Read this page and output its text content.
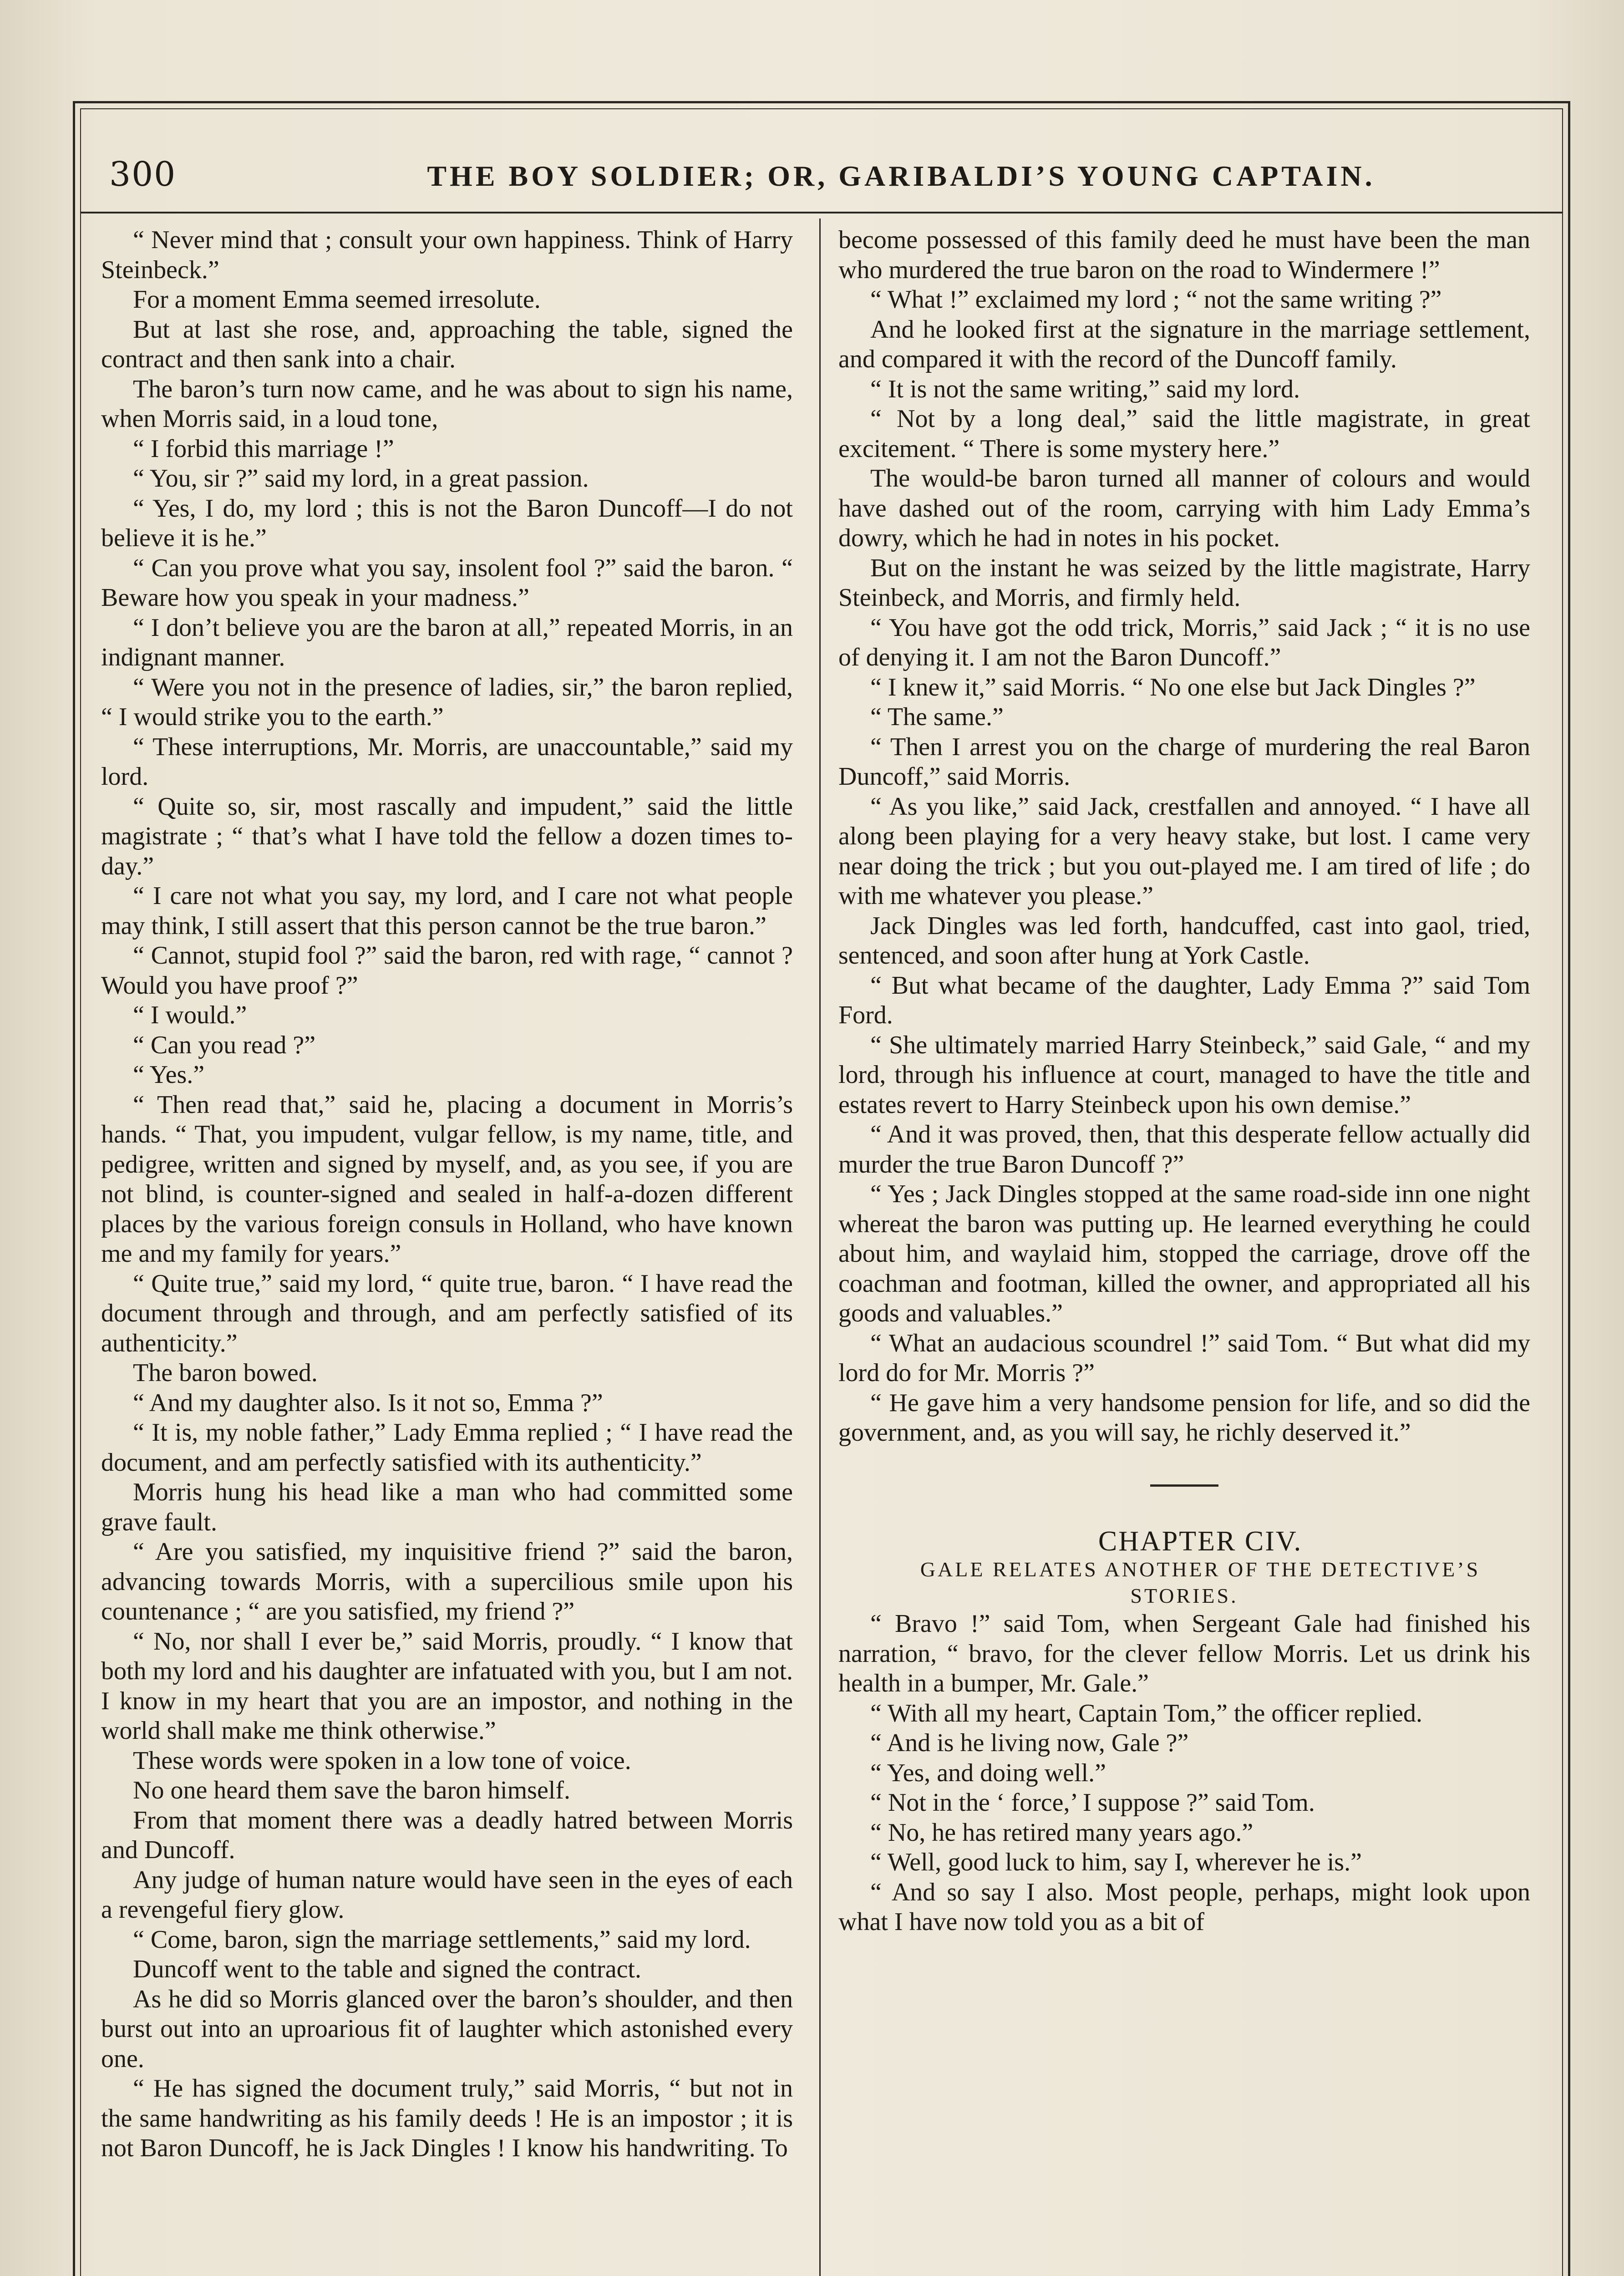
300	THE BOY SOLDIER; OR, GARIBALDI’S YOUNG CAPTAIN.

“ Never mind that ; consult your own happiness. Think of Harry Steinbeck.”

For a moment Emma seemed irresolute.

But at last she rose, and, approaching the table, signed the contract and then sank into a chair.

The baron’s turn now came, and he was about to sign his name, when Morris said, in a loud tone,

“ I forbid this marriage !”

“ You, sir ?” said my lord, in a great passion.

“ Yes, I do, my lord ; this is not the Baron Duncoff—I do not believe it is he.”

“ Can you prove what you say, insolent fool ?” said the baron. “ Beware how you speak in your madness.”

“ I don’t believe you are the baron at all,” repeated Morris, in an indignant manner.

“ Were you not in the presence of ladies, sir,” the baron replied, “ I would strike you to the earth.”

“ These interruptions, Mr. Morris, are unaccountable,” said my lord.

“ Quite so, sir, most rascally and impudent,” said the little magistrate ; “ that’s what I have told the fellow a dozen times to-day.”

“ I care not what you say, my lord, and I care not what people may think, I still assert that this person cannot be the true baron.”

“ Cannot, stupid fool ?” said the baron, red with rage, “ cannot ? Would you have proof ?”

“ I would.”

“ Can you read ?”

“ Yes.”

“ Then read that,” said he, placing a document in Morris’s hands. “ That, you impudent, vulgar fellow, is my name, title, and pedigree, written and signed by myself, and, as you see, if you are not blind, is counter-signed and sealed in half-a-dozen different places by the various foreign consuls in Holland, who have known me and my family for years.”

“ Quite true,” said my lord, “ quite true, baron. “ I have read the document through and through, and am perfectly satisfied of its authenticity.”

The baron bowed.

“ And my daughter also. Is it not so, Emma ?”

“ It is, my noble father,” Lady Emma replied ; “ I have read the document, and am perfectly satisfied with its authenticity.”

Morris hung his head like a man who had committed some grave fault.

“ Are you satisfied, my inquisitive friend ?” said the baron, advancing towards Morris, with a supercilious smile upon his countenance ; “ are you satisfied, my friend ?”

“ No, nor shall I ever be,” said Morris, proudly. “ I know that both my lord and his daughter are infatuated with you, but I am not. I know in my heart that you are an impostor, and nothing in the world shall make me think otherwise.”

These words were spoken in a low tone of voice.

No one heard them save the baron himself.

From that moment there was a deadly hatred between Morris and Duncoff.

Any judge of human nature would have seen in the eyes of each a revengeful fiery glow.

“ Come, baron, sign the marriage settlements,” said my lord.

Duncoff went to the table and signed the contract.

As he did so Morris glanced over the baron’s shoulder, and then burst out into an uproarious fit of laughter which astonished every one.

“ He has signed the document truly,” said Morris, “ but not in the same handwriting as his family deeds ! He is an impostor ; it is not Baron Duncoff, he is Jack Dingles ! I know his handwriting. To

become possessed of this family deed he must have been the man who murdered the true baron on the road to Windermere !”

“ What !” exclaimed my lord ; “ not the same writing ?”

And he looked first at the signature in the marriage settlement, and compared it with the record of the Duncoff family.

“ It is not the same writing,” said my lord.

“ Not by a long deal,” said the little magistrate, in great excitement. “ There is some mystery here.”

The would-be baron turned all manner of colours and would have dashed out of the room, carrying with him Lady Emma’s dowry, which he had in notes in his pocket.

But on the instant he was seized by the little magistrate, Harry Steinbeck, and Morris, and firmly held.

“ You have got the odd trick, Morris,” said Jack ; “ it is no use of denying it. I am not the Baron Duncoff.”

“ I knew it,” said Morris. “ No one else but Jack Dingles ?”

“ The same.”

“ Then I arrest you on the charge of murdering the real Baron Duncoff,” said Morris.

“ As you like,” said Jack, crestfallen and annoyed. “ I have all along been playing for a very heavy stake, but lost. I came very near doing the trick ; but you out-played me. I am tired of life ; do with me whatever you please.”

Jack Dingles was led forth, handcuffed, cast into gaol, tried, sentenced, and soon after hung at York Castle.

“ But what became of the daughter, Lady Emma ?” said Tom Ford.

“ She ultimately married Harry Steinbeck,” said Gale, “ and my lord, through his influence at court, managed to have the title and estates revert to Harry Steinbeck upon his own demise.”

“ And it was proved, then, that this desperate fellow actually did murder the true Baron Duncoff ?”

“ Yes ; Jack Dingles stopped at the same road-side inn one night whereat the baron was putting up. He learned everything he could about him, and waylaid him, stopped the carriage, drove off the coachman and footman, killed the owner, and appropriated all his goods and valuables.”

“ What an audacious scoundrel !” said Tom. “ But what did my lord do for Mr. Morris ?”

“ He gave him a very handsome pension for life, and so did the government, and, as you will say, he richly deserved it.”

CHAPTER CIV.

GALE RELATES ANOTHER OF THE DETECTIVE’S STORIES.

“ Bravo !” said Tom, when Sergeant Gale had finished his narration, “ bravo, for the clever fellow Morris. Let us drink his health in a bumper, Mr. Gale.”

“ With all my heart, Captain Tom,” the officer replied.

“ And is he living now, Gale ?”

“ Yes, and doing well.”

“ Not in the ‘ force,’ I suppose ?” said Tom.

“ No, he has retired many years ago.”

“ Well, good luck to him, say I, wherever he is.”

“ And so say I also. Most people, perhaps, might look upon what I have now told you as a bit of
